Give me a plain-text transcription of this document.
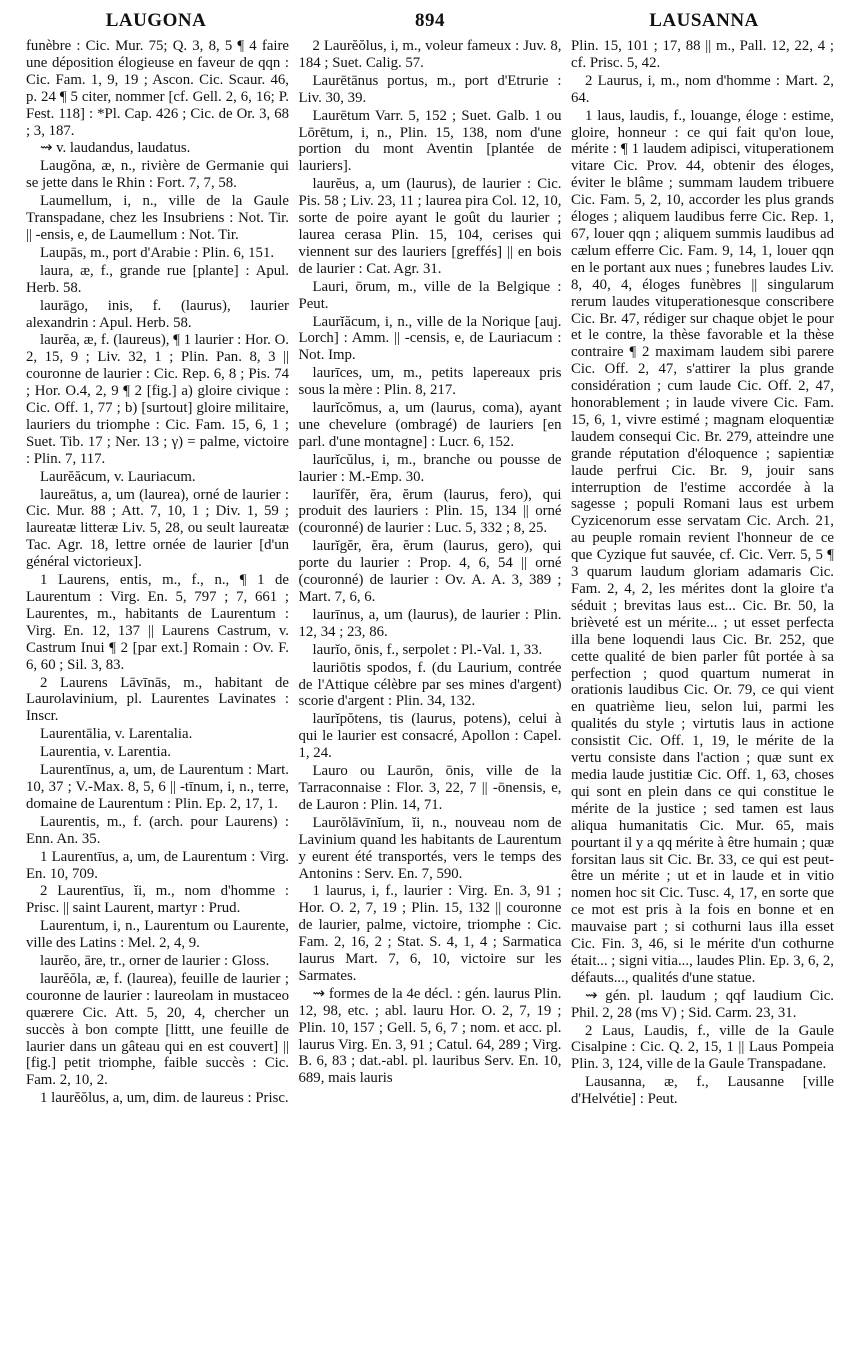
LAUGONA	894	LAUSANNA

funèbre : Cic. Mur. 75; Q. 3, 8, 5 ¶ 4 faire une déposition élogieuse en faveur de qqn : Cic. Fam. 1, 9, 19 ; Ascon. Cic. Scaur. 46, p. 24 ¶ 5 citer, nommer [cf. Gell. 2, 6, 16; P. Fest. 118] : *Pl. Cap. 426 ; Cic. de Or. 3, 68 ; 3, 187.

⇝ v. laudandus, laudatus.

Laugŏna, æ, n., rivière de Germanie qui se jette dans le Rhin : Fort. 7, 7, 58.

Laumellum, i, n., ville de la Gaule Transpadane, chez les Insubriens : Not. Tir. || -ensis, e, de Laumellum : Not. Tir.

Laupās, m., port d'Arabie : Plin. 6, 151.

laura, æ, f., grande rue [plante] : Apul. Herb. 58.

laurāgo, inis, f. (laurus), laurier alexandrin : Apul. Herb. 58.

laurĕa, æ, f. (laureus), ¶ 1 laurier : Hor. O. 2, 15, 9 ; Liv. 32, 1 ; Plin. Pan. 8, 3 || couronne de laurier : Cic. Rep. 6, 8 ; Pis. 74 ; Hor. O.4, 2, 9 ¶ 2 [fig.] a) gloire civique : Cic. Off. 1, 77 ; b) [surtout] gloire militaire, lauriers du triomphe : Cic. Fam. 15, 6, 1 ; Suet. Tib. 17 ; Ner. 13 ; γ) = palme, victoire : Plin. 7, 117.

Laurĕăcum, v. Lauriacum.

laureātus, a, um (laurea), orné de laurier : Cic. Mur. 88 ; Att. 7, 10, 1 ; Div. 1, 59 ; laureatæ litteræ Liv. 5, 28, ou seult laureatæ Tac. Agr. 18, lettre ornée de laurier [d'un général victorieux].

1 Laurens, entis, m., f., n., ¶ 1 de Laurentum : Virg. En. 5, 797 ; 7, 661 ; Laurentes, m., habitants de Laurentum : Virg. En. 12, 137 || Laurens Castrum, v. Castrum Inui ¶ 2 [par ext.] Romain : Ov. F. 6, 60 ; Sil. 3, 83.

2 Laurens Lāvīnās, m., habitant de Laurolavinium, pl. Laurentes Lavinates : Inscr.

Laurentālia, v. Larentalia.

Laurentia, v. Larentia.

Laurentīnus, a, um, de Laurentum : Mart. 10, 37 ; V.-Max. 8, 5, 6 || -tīnum, i, n., terre, domaine de Laurentum : Plin. Ep. 2, 17, 1.

Laurentis, m., f. (arch. pour Laurens) : Enn. An. 35.

1 Laurentīus, a, um, de Laurentum : Virg. En. 10, 709.

2 Laurentīus, ĭi, m., nom d'homme : Prisc. || saint Laurent, martyr : Prud.

Laurentum, i, n., Laurentum ou Laurente, ville des Latins : Mel. 2, 4, 9.

laurĕo, āre, tr., orner de laurier : Gloss.

laurĕŏla, æ, f. (laurea), feuille de laurier ; couronne de laurier : laureolam in mustaceo quærere Cic. Att. 5, 20, 4, chercher un succès à bon compte [littt, une feuille de laurier dans un gâteau qui en est couvert] || [fig.] petit triomphe, faible succès : Cic. Fam. 2, 10, 2.

1 laurĕŏlus, a, um, dim. de laureus : Prisc.

2 Laurĕŏlus, i, m., voleur fameux : Juv. 8, 184 ; Suet. Calig. 57.

Laurētānus portus, m., port d'Etrurie : Liv. 30, 39.

Laurētum Varr. 5, 152 ; Suet. Galb. 1 ou Lōrētum, i, n., Plin. 15, 138, nom d'une portion du mont Aventin [plantée de lauriers].

laurĕus, a, um (laurus), de laurier : Cic. Pis. 58 ; Liv. 23, 11 ; laurea pira Col. 12, 10, sorte de poire ayant le goût du laurier ; laurea cerasa Plin. 15, 104, cerises qui viennent sur des lauriers [greffés] || en bois de laurier : Cat. Agr. 31.

Lauri, ōrum, m., ville de la Belgique : Peut.

Laurĭăcum, i, n., ville de la Norique [auj. Lorch] : Amm. || -censis, e, de Lauriacum : Not. Imp.

laurīces, um, m., petits lapereaux pris sous la mère : Plin. 8, 217.

laurĭcŏmus, a, um (laurus, coma), ayant une chevelure (ombragé) de lauriers [en parl. d'une montagne] : Lucr. 6, 152.

laurĭcŭlus, i, m., branche ou pousse de laurier : M.-Emp. 30.

laurĭfĕr, ĕra, ĕrum (laurus, fero), qui produit des lauriers : Plin. 15, 134 || orné (couronné) de laurier : Luc. 5, 332 ; 8, 25.

laurĭgĕr, ĕra, ĕrum (laurus, gero), qui porte du laurier : Prop. 4, 6, 54 || orné (couronné) de laurier : Ov. A. A. 3, 389 ; Mart. 7, 6, 6.

laurīnus, a, um (laurus), de laurier : Plin. 12, 34 ; 23, 86.

laurĭo, ōnis, f., serpolet : Pl.-Val. 1, 33.

lauriōtis spodos, f. (du Laurium, contrée de l'Attique célèbre par ses mines d'argent) scorie d'argent : Plin. 34, 132.

laurĭpŏtens, tis (laurus, potens), celui à qui le laurier est consacré, Apollon : Capel. 1, 24.

Lauro ou Laurōn, ōnis, ville de la Tarraconnaise : Flor. 3, 22, 7 || -ōnensis, e, de Lauron : Plin. 14, 71.

Laurŏlāvīnĭum, ĭi, n., nouveau nom de Lavinium quand les habitants de Laurentum y eurent été transportés, vers le temps des Antonins : Serv. En. 7, 590.

1 laurus, i, f., laurier : Virg. En. 3, 91 ; Hor. O. 2, 7, 19 ; Plin. 15, 132 || couronne de laurier, palme, victoire, triomphe : Cic. Fam. 2, 16, 2 ; Stat. S. 4, 1, 4 ; Sarmatica laurus Mart. 7, 6, 10, victoire sur les Sarmates.

⇝ formes de la 4e décl. : gén. laurus Plin. 12, 98, etc. ; abl. lauru Hor. O. 2, 7, 19 ; Plin. 10, 157 ; Gell. 5, 6, 7 ; nom. et acc. pl. laurus Virg. En. 3, 91 ; Catul. 64, 289 ; Virg. B. 6, 83 ; dat.-abl. pl. lauribus Serv. En. 10, 689, mais lauris

Plin. 15, 101 ; 17, 88 || m., Pall. 12, 22, 4 ; cf. Prisc. 5, 42.

2 Laurus, i, m., nom d'homme : Mart. 2, 64.

1 laus, laudis, f., louange, éloge : estime, gloire, honneur : ce qui fait qu'on loue, mérite : ¶ 1 laudem adipisci, vituperationem vitare Cic. Prov. 44, obtenir des éloges, éviter le blâme ; summam laudem tribuere Cic. Fam. 5, 2, 10, accorder les plus grands éloges ; aliquem laudibus ferre Cic. Rep. 1, 67, louer qqn ; aliquem summis laudibus ad cælum efferre Cic. Fam. 9, 14, 1, louer qqn en le portant aux nues ; funebres laudes Liv. 8, 40, 4, éloges funèbres || singularum rerum laudes vituperationesque conscribere Cic. Br. 47, rédiger sur chaque objet le pour et le contre, la thèse favorable et la thèse contraire ¶ 2 maximam laudem sibi parere Cic. Off. 2, 47, s'attirer la plus grande considération ; cum laude Cic. Off. 2, 47, honorablement ; in laude vivere Cic. Fam. 15, 6, 1, vivre estimé ; magnam eloquentiæ laudem consequi Cic. Br. 279, atteindre une grande réputation d'éloquence ; sapientiæ laude perfrui Cic. Br. 9, jouir sans interruption de l'estime accordée à la sagesse ; populi Romani laus est urbem Cyzicenorum esse servatam Cic. Arch. 21, au peuple romain revient l'honneur de ce que Cyzique fut sauvée, cf. Cic. Verr. 5, 5 ¶ 3 quarum laudum gloriam adamaris Cic. Fam. 2, 4, 2, les mérites dont la gloire t'a séduit ; brevitas laus est... Cic. Br. 50, la brièveté est un mérite... ; ut esset perfecta illa bene loquendi laus Cic. Br. 252, que cette qualité de bien parler fût portée à sa perfection ; quod quartum numerat in orationis laudibus Cic. Or. 79, ce qui vient en quatrième lieu, selon lui, parmi les qualités du style ; virtutis laus in actione consistit Cic. Off. 1, 19, le mérite de la vertu consiste dans l'action ; quæ sunt ex media laude justitiæ Cic. Off. 1, 63, choses qui sont en plein dans ce qui constitue le mérite de la justice ; sed tamen est laus aliqua humanitatis Cic. Mur. 65, mais pourtant il y a qq mérite à être humain ; quæ forsitan laus sit Cic. Br. 33, ce qui est peut-être un mérite ; ut et in laude et in vitio nomen hoc sit Cic. Tusc. 4, 17, en sorte que ce mot est pris à la fois en bonne et en mauvaise part ; si cothurni laus illa esset Cic. Fin. 3, 46, si le mérite d'un cothurne était... ; signi vitia..., laudes Plin. Ep. 3, 6, 2, défauts..., qualités d'une statue.

⇝ gén. pl. laudum ; qqf laudium Cic. Phil. 2, 28 (ms V) ; Sid. Carm. 23, 31.

2 Laus, Laudis, f., ville de la Gaule Cisalpine : Cic. Q. 2, 15, 1 || Laus Pompeia Plin. 3, 124, ville de la Gaule Transpadane.

Lausanna, æ, f., Lausanne [ville d'Helvétie] : Peut.
